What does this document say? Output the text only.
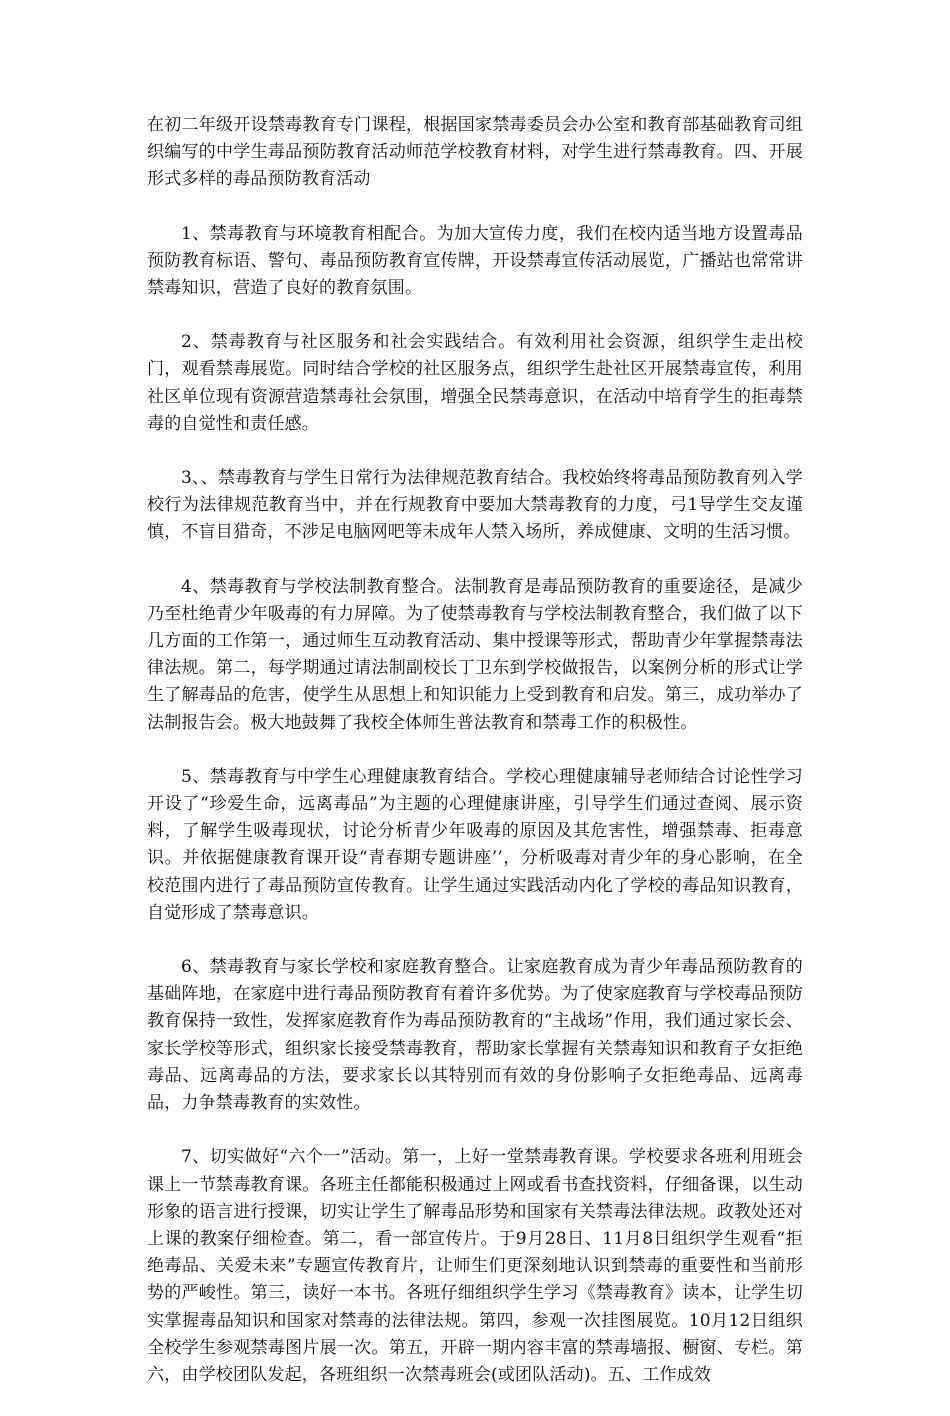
在初二年级开设禁毒教育专门课程，根据国家禁毒委员会办公室和教育部基础教育司组织编写的中学生毒品预防教育活动师范学校教育材料，对学生进行禁毒教育。四、开展形式多样的毒品预防教育活动

1、禁毒教育与环境教育相配合。为加大宣传力度，我们在校内适当地方设置毒品预防教育标语、警句、毒品预防教育宣传牌，开设禁毒宣传活动展览，广播站也常常讲禁毒知识，营造了良好的教育氛围。

2、禁毒教育与社区服务和社会实践结合。有效利用社会资源，组织学生走出校门，观看禁毒展览。同时结合学校的社区服务点，组织学生赴社区开展禁毒宣传，利用社区单位现有资源营造禁毒社会氛围，增强全民禁毒意识，在活动中培育学生的拒毒禁毒的自觉性和责任感。

3、、禁毒教育与学生日常行为法律规范教育结合。我校始终将毒品预防教育列入学校行为法律规范教育当中，并在行规教育中要加大禁毒教育的力度，弓1导学生交友谨慎，不盲目猎奇，不涉足电脑网吧等未成年人禁入场所，养成健康、文明的生活习惯。

4、禁毒教育与学校法制教育整合。法制教育是毒品预防教育的重要途径，是减少乃至杜绝青少年吸毒的有力屏障。为了使禁毒教育与学校法制教育整合，我们做了以下几方面的工作第一，通过师生互动教育活动、集中授课等形式，帮助青少年掌握禁毒法律法规。第二，每学期通过请法制副校长丁卫东到学校做报告，以案例分析的形式让学生了解毒品的危害，使学生从思想上和知识能力上受到教育和启发。第三，成功举办了法制报告会。极大地鼓舞了我校全体师生普法教育和禁毒工作的积极性。

5、禁毒教育与中学生心理健康教育结合。学校心理健康辅导老师结合讨论性学习开设了“珍爱生命，远离毒品”为主题的心理健康讲座，引导学生们通过查阅、展示资料，了解学生吸毒现状，讨论分析青少年吸毒的原因及其危害性，增强禁毒、拒毒意识。并依据健康教育课开设“青春期专题讲座’’，分析吸毒对青少年的身心影响，在全校范围内进行了毒品预防宣传教育。让学生通过实践活动内化了学校的毒品知识教育，自觉形成了禁毒意识。

6、禁毒教育与家长学校和家庭教育整合。让家庭教育成为青少年毒品预防教育的基础阵地，在家庭中进行毒品预防教育有着许多优势。为了使家庭教育与学校毒品预防教育保持一致性，发挥家庭教育作为毒品预防教育的“主战场”作用，我们通过家长会、家长学校等形式，组织家长接受禁毒教育，帮助家长掌握有关禁毒知识和教育子女拒绝毒品、远离毒品的方法，要求家长以其特别而有效的身份影响子女拒绝毒品、远离毒品，力争禁毒教育的实效性。

7、切实做好“六个一”活动。第一，上好一堂禁毒教育课。学校要求各班利用班会课上一节禁毒教育课。各班主任都能积极通过上网或看书查找资料，仔细备课，以生动形象的语言进行授课，切实让学生了解毒品形势和国家有关禁毒法律法规。政教处还对上课的教案仔细检查。第二，看一部宣传片。于9月28日、11月8日组织学生观看“拒绝毒品、关爱未来”专题宣传教育片，让师生们更深刻地认识到禁毒的重要性和当前形势的严峻性。第三，读好一本书。各班仔细组织学生学习《禁毒教育》读本，让学生切实掌握毒品知识和国家对禁毒的法律法规。第四，参观一次挂图展览。10月12日组织全校学生参观禁毒图片展一次。第五，开辟一期内容丰富的禁毒墙报、橱窗、专栏。第六，由学校团队发起，各班组织一次禁毒班会(或团队活动)。五、工作成效
